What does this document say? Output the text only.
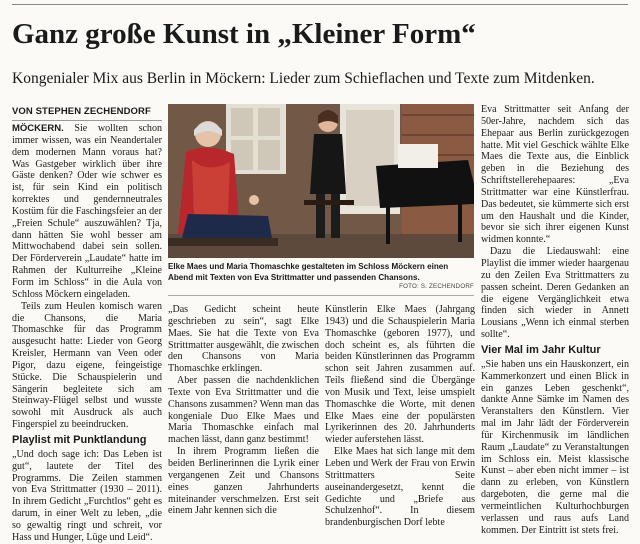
Ganz große Kunst in „Kleiner Form“
Kongenialer Mix aus Berlin in Möckern: Lieder zum Schieflachen und Texte zum Mitdenken.
VON STEPHEN ZECHENDORF

MÖCKERN. Sie wollten schon immer wissen, was ein Neandertaler dem modernen Mann voraus hat? Was Gastgeber wirklich über ihre Gäste denken? Oder wie schwer es ist, für sein Kind ein politisch korrektes und gendernneutrales Kostüm für die Faschingsfeier an der „Freien Schule“ auszuwählen? Tja, dann hätten Sie wohl besser am Mittwochabend dabei sein sollen. Der Förderverein „Laudate“ hatte im Rahmen der Kulturreihe „Kleine Form im Schloss“ in die Aula von Schloss Möckern eingeladen.

Teils zum Heulen komisch waren die Chansons, die Maria Thomaschke für das Programm ausgesucht hatte: Lieder von Georg Kreisler, Hermann van Veen oder Pigor, dazu eigene, feingeistige Stücke. Die Schauspielerin und Sängerin begleitete sich am Steinway-Flügel selbst und wusste sowohl mit Ausdruck als auch Fingerspiel zu beeindrucken.

Playlist mit Punktlandung

„Und doch sage ich: Das Leben ist gut“, lautete der Titel des Programms. Die Zeilen stammen von Eva Strittmatter (1930 – 2011). In ihrem Gedicht „Furchtlos“ geht es darum, in einer Welt zu leben, „die so gewaltig ringt und schreit, vor Hass und Hunger, Lüge und Leid“.

Elke Maes und Maria Thomaschke gestalteten im Schloss Möckern einen Abend mit Texten von Eva Strittmatter und passenden Chansons.
FOTO: S. ZECHENDORF

„Das Gedicht scheint heute geschrieben zu sein“, sagt Elke Maes. Sie hat die Texte von Eva Strittmatter ausgewählt, die zwischen den Chansons von Maria Thomaschke erklingen.

Aber passen die nachdenklichen Texte von Eva Strittmatter und die Chansons zusammen? Wenn man das kongeniale Duo Elke Maes und Maria Thomaschke einfach mal machen lässt, dann ganz bestimmt!

In ihrem Programm ließen die beiden Berlinerinnen die Lyrik einer vergangenen Zeit und Chansons eines ganzen Jahrhunderts miteinander verschmelzen. Erst seit einem Jahr kennen sich die

Künstlerin Elke Maes (Jahrgang 1943) und die Schauspielerin Maria Thomaschke (geboren 1977), und doch scheint es, als führten die beiden Künstlerinnen das Programm schon seit Jahren zusammen auf. Teils fließend sind die Übergänge von Musik und Text, leise umspielt Thomaschke die Worte, mit denen Elke Maes eine der populärsten Lyrikerinnen des 20. Jahrhunderts wieder auferstehen lässt.

Elke Maes hat sich lange mit dem Leben und Werk der Frau von Erwin Strittmatters Seite auseinandergesetzt, kennt die Gedichte und „Briefe aus Schulzenhof“. In diesem brandenburgischen Dorf lebte

Eva Strittmatter seit Anfang der 50er-Jahre, nachdem sich das Ehepaar aus Berlin zurückgezogen hatte. Mit viel Geschick wählte Elke Maes die Texte aus, die Einblick geben in die Beziehung des Schriftstellerehepaares: „Eva Strittmatter war eine Künstlerfrau. Das bedeutet, sie kümmerte sich erst um den Haushalt und die Kinder, bevor sie sich ihrer eigenen Kunst widmen konnte.“

Dazu die Liedauswahl: eine Playlist die immer wieder haargenau zu den Zeilen Eva Strittmatters zu passen scheint. Deren Gedanken an die eigene Vergänglichkeit etwa finden sich wieder in Annett Lousians „Wenn ich einmal sterben sollte“.

Vier Mal im Jahr Kultur

„Sie haben uns ein Hauskonzert, ein Kammerkonzert und einen Blick in ein ganzes Leben geschenkt“, dankte Anne Sämke im Namen des Veranstalters den Künstlern. Vier mal im Jahr lädt der Förderverein für Kirchenmusik im ländlichen Raum „Laudate“ zu Veranstaltungen im Schloss ein. Meist klassische Kunst – aber eben nicht immer – ist dann zu erleben, von Künstlern dargeboten, die gerne mal die vermeintlichen Kulturhochburgen verlassen und raus aufs Land kommen. Der Eintritt ist stets frei.
